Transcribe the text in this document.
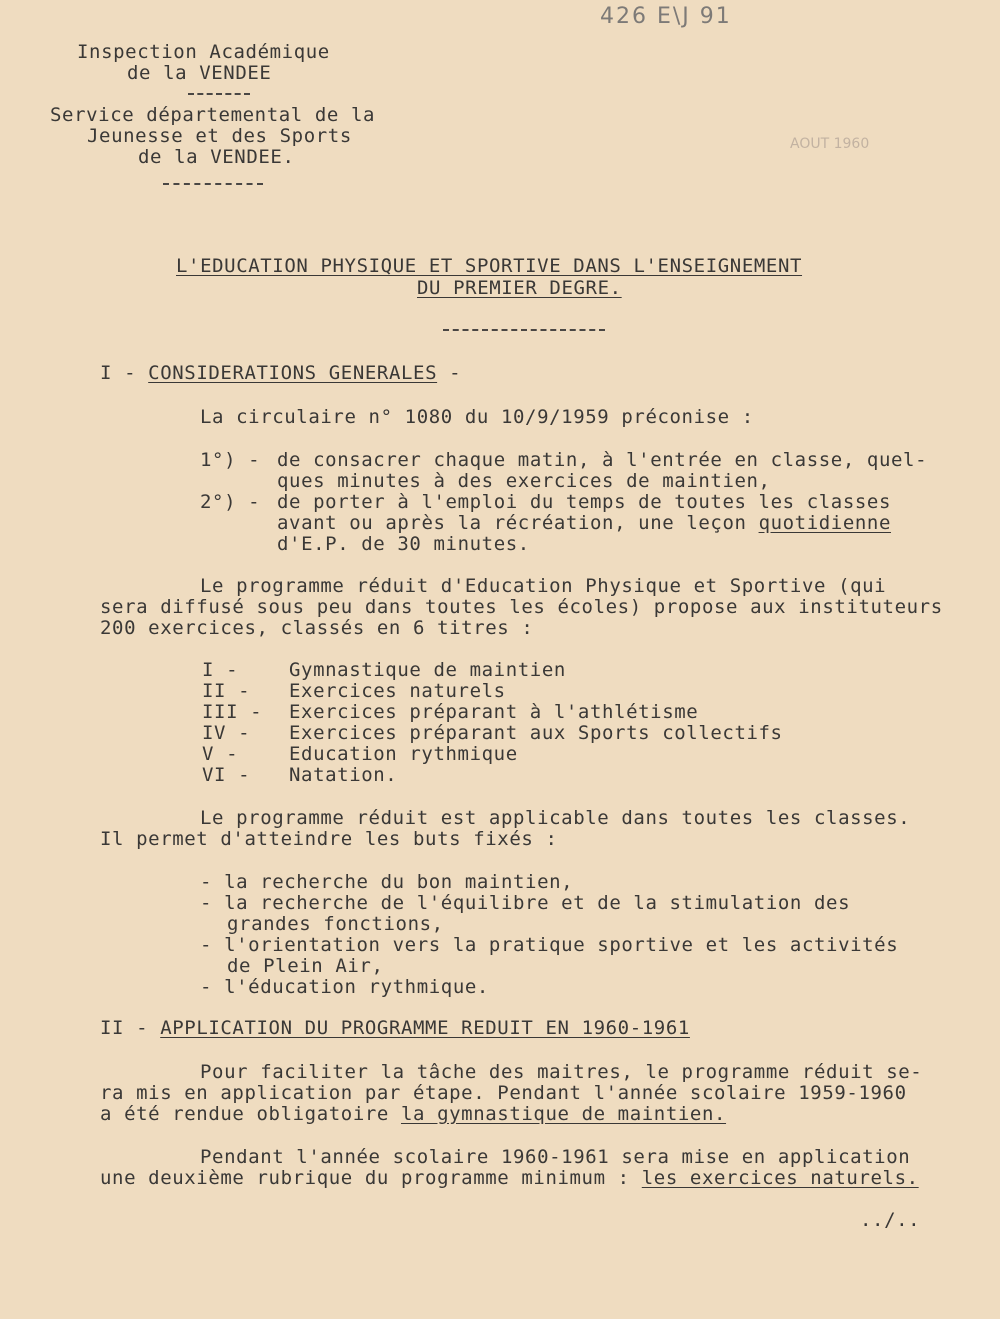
426 E\J 91
AOUT 1960
Inspection Académique
de la VENDEE
Service départemental de la
Jeunesse et des Sports
de la VENDEE.
L'EDUCATION PHYSIQUE ET SPORTIVE DANS L'ENSEIGNEMENT
DU PREMIER DEGRE.
I - CONSIDERATIONS GENERALES -
La circulaire n° 1080 du 10/9/1959 préconise :
1°) - de consacrer chaque matin, à l'entrée en classe, quel-
ques minutes à des exercices de maintien,
2°) - de porter à l'emploi du temps de toutes les classes
avant ou après la récréation, une leçon quotidienne
d'E.P. de 30 minutes.
Le programme réduit d'Education Physique et Sportive (qui
sera diffusé sous peu dans toutes les écoles) propose aux instituteurs
200 exercices, classés en 6 titres :
I -	Gymnastique de maintien
II - Exercices naturels
III - Exercices préparant à l'athlétisme
IV - Exercices préparant aux Sports collectifs
V -	Education rythmique
VI - Natation.
Le programme réduit est applicable dans toutes les classes.
Il permet d'atteindre les buts fixés :
- la recherche du bon maintien,
- la recherche de l'équilibre et de la stimulation des
grandes fonctions,
- l'orientation vers la pratique sportive et les activités
de Plein Air,
- l'éducation rythmique.
II - APPLICATION DU PROGRAMME REDUIT EN 1960-1961
Pour faciliter la tâche des maitres, le programme réduit se-
ra mis en application par étape. Pendant l'année scolaire 1959-1960
a été rendue obligatoire la gymnastique de maintien.
Pendant l'année scolaire 1960-1961 sera mise en application
une deuxième rubrique du programme minimum : les exercices naturels.
../..
